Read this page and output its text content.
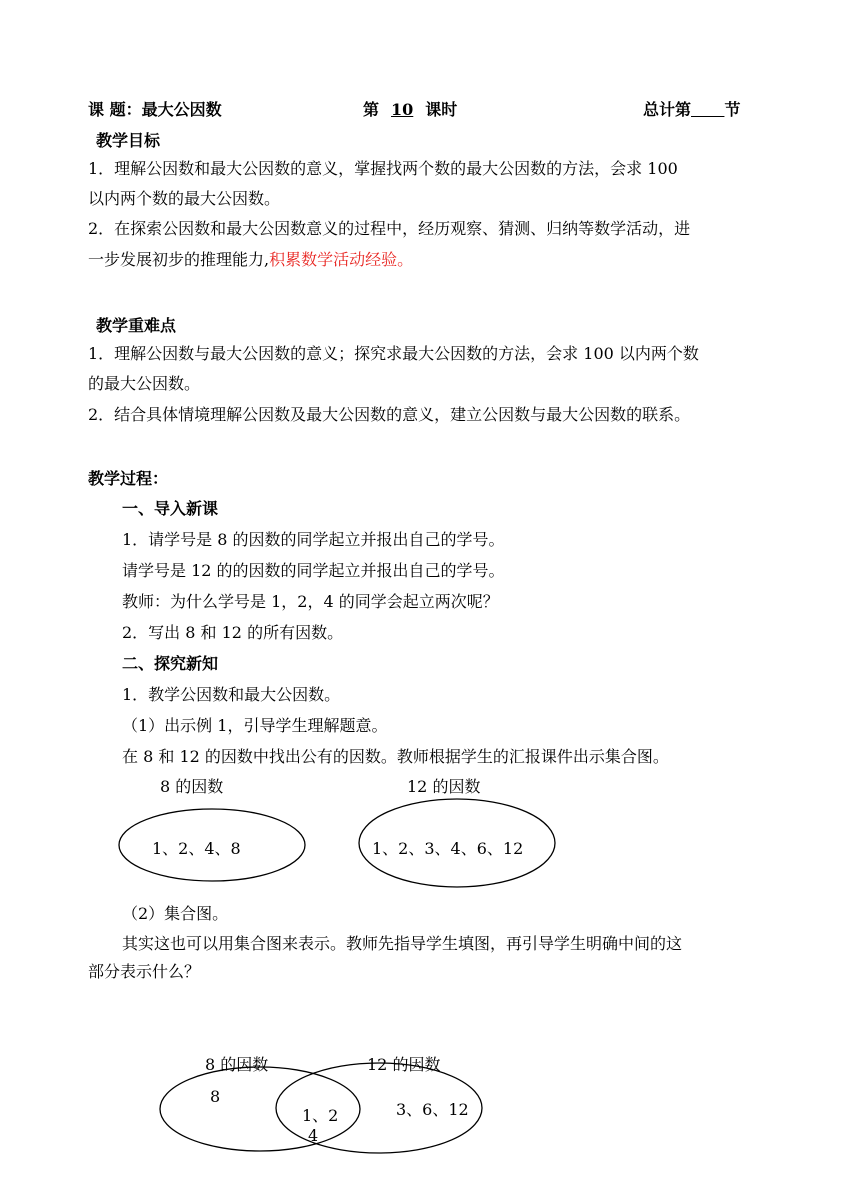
课 题：最大公因数	第 10 课时	总计第 节
教学目标
1．理解公因数和最大公因数的意义，掌握找两个数的最大公因数的方法，会求 100
以内两个数的最大公因数。
2．在探索公因数和最大公因数意义的过程中，经历观察、猜测、归纳等数学活动，进
一步发展初步的推理能力,积累数学活动经验。
教学重难点
1．理解公因数与最大公因数的意义；探究求最大公因数的方法，会求 100 以内两个数
的最大公因数。
2．结合具体情境理解公因数及最大公因数的意义，建立公因数与最大公因数的联系。
教学过程：
一、导入新课
1．请学号是 8 的因数的同学起立并报出自己的学号。
请学号是 12 的的因数的同学起立并报出自己的学号。
教师：为什么学号是 1，2，4 的同学会起立两次呢？
2．写出 8 和 12 的所有因数。
二、探究新知
1．教学公因数和最大公因数。
（1）出示例 1，引导学生理解题意。
在 8 和 12 的因数中找出公有的因数。教师根据学生的汇报课件出示集合图。
8 的因数	12 的因数
1、2、4、8	1、2、3、4、6、12
（2）集合图。
其实这也可以用集合图来表示。教师先指导学生填图，再引导学生明确中间的这
部分表示什么？
8 的因数	12 的因数
8
1、2
4
3、6、12
